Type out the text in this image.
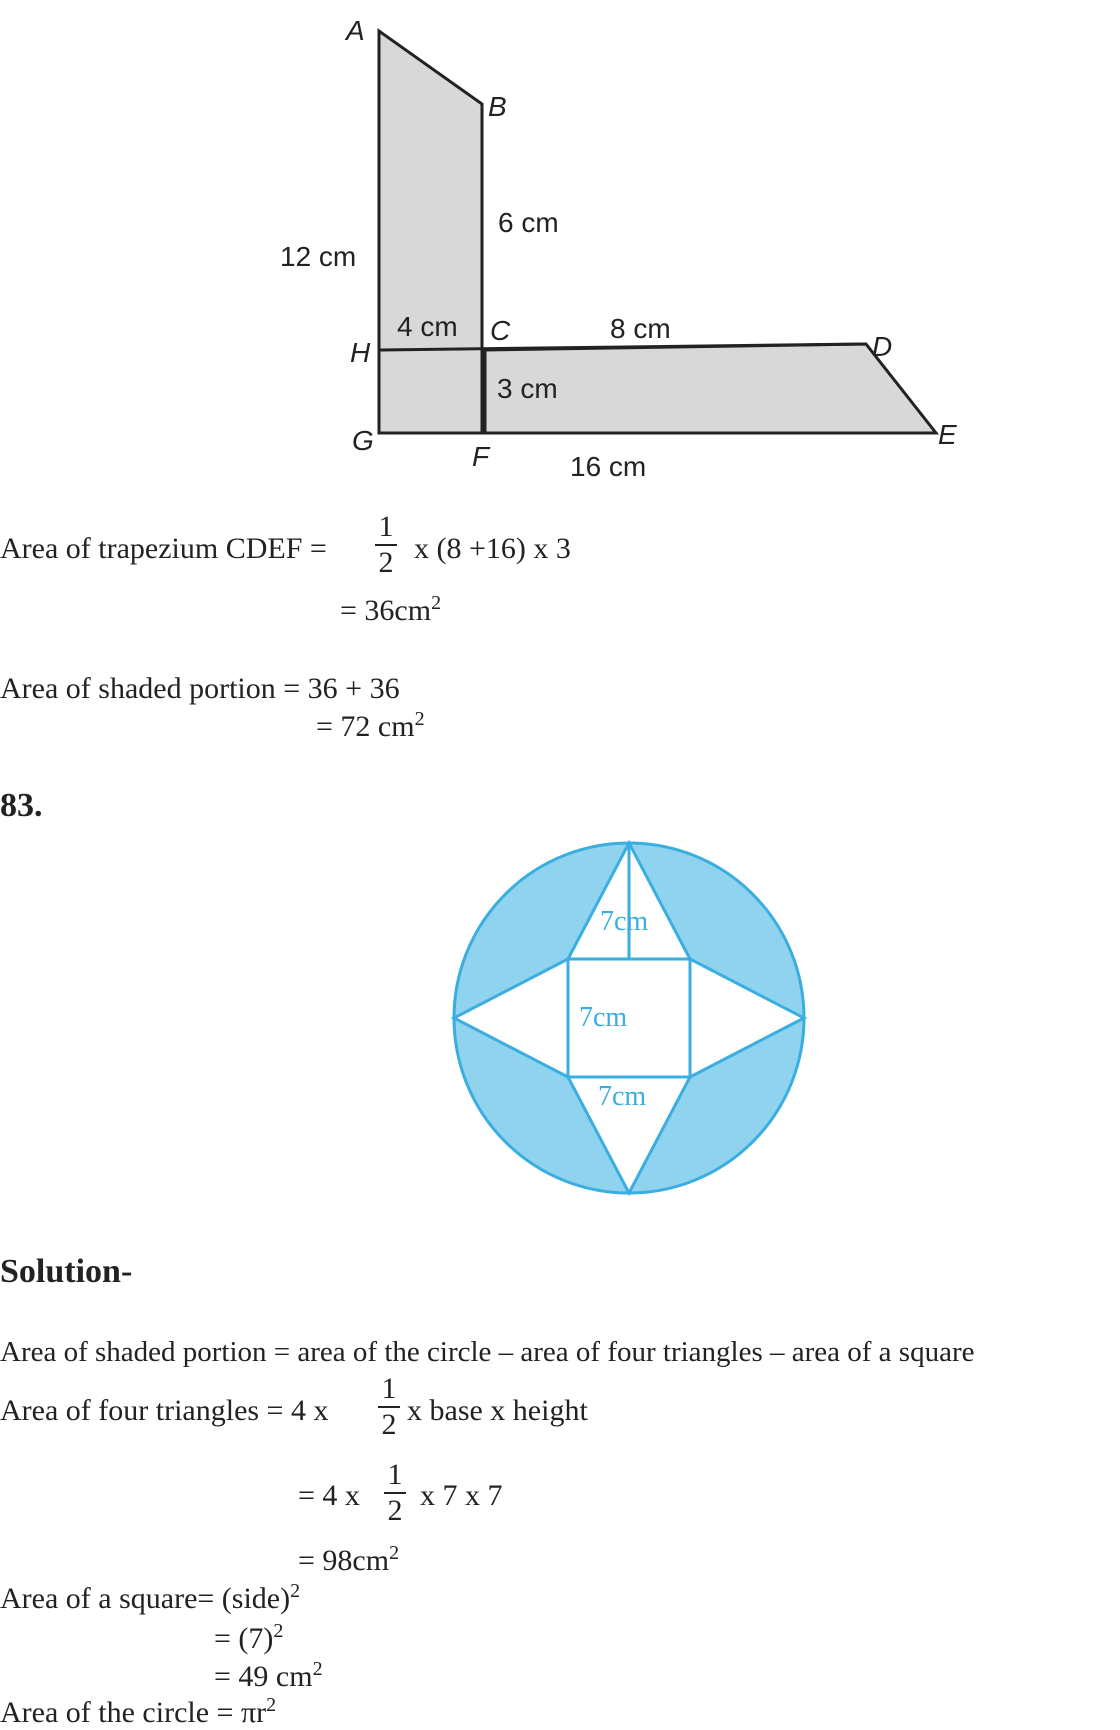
A
B
C
D
E
F
G
H
12 cm
6 cm
4 cm	8 cm
3 cm
16 cm
Area of trapezium CDEF =
1
2 x (8 +16) x 3
= $36cm^2$
Area of shaded portion = 36 + 36
= 72 $cm^2$
83.
7cm
7cm
7cm
Solution-
Area of shaded portion = area of the circle – area of four triangles – area of a square
Area of four triangles = 4 x
1
2 x base x height
= 4 x
1
2 x 7 x 7
= $98cm^2$
Area of a square= (side)$^2$
= $(7)^2$
= 49 $cm^2$
Area of the circle = $\pi r^2$
